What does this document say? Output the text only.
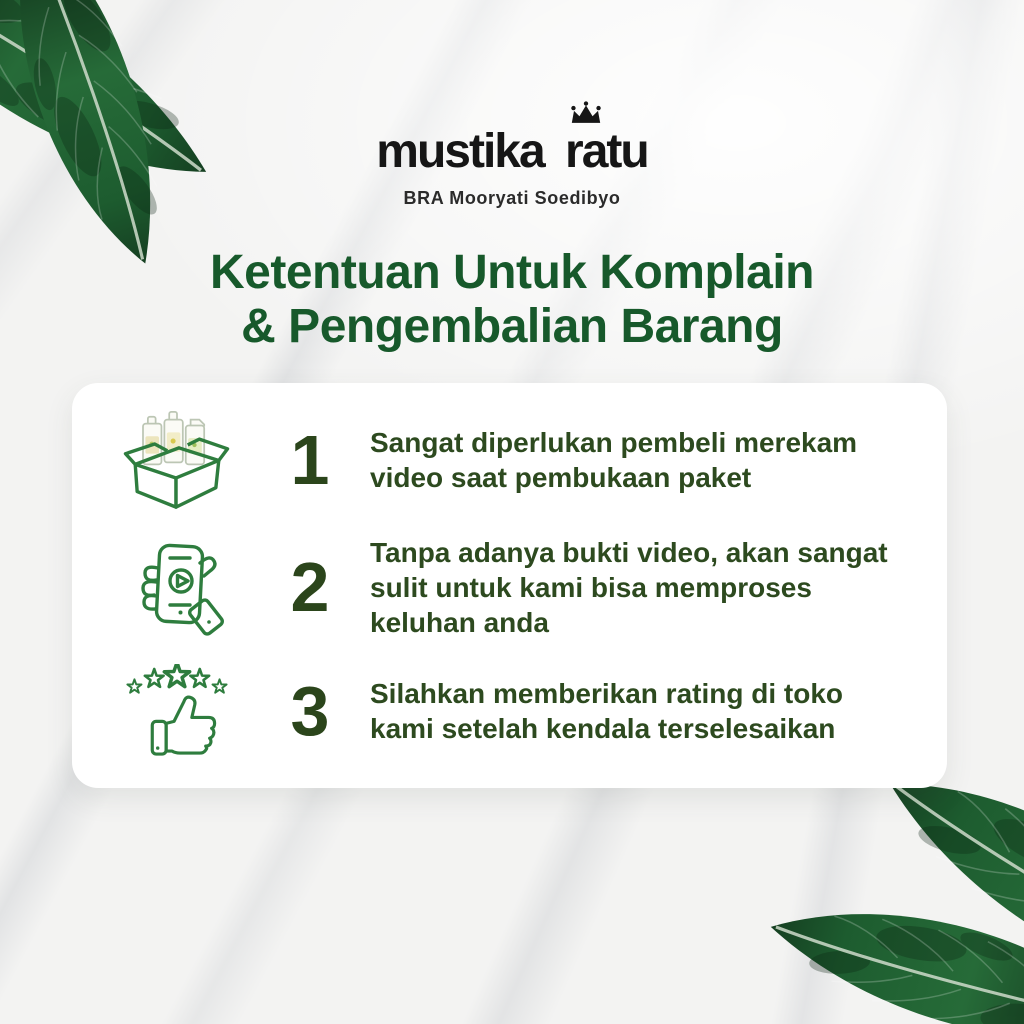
mustika ratu
BRA Mooryati Soedibyo
Ketentuan Untuk Komplain
& Pengembalian Barang
1	Sangat diperlukan pembeli merekam video saat pembukaan paket
2	Tanpa adanya bukti video, akan sangat sulit untuk kami bisa memproses keluhan anda
3	Silahkan memberikan rating di toko kami setelah kendala terselesaikan
